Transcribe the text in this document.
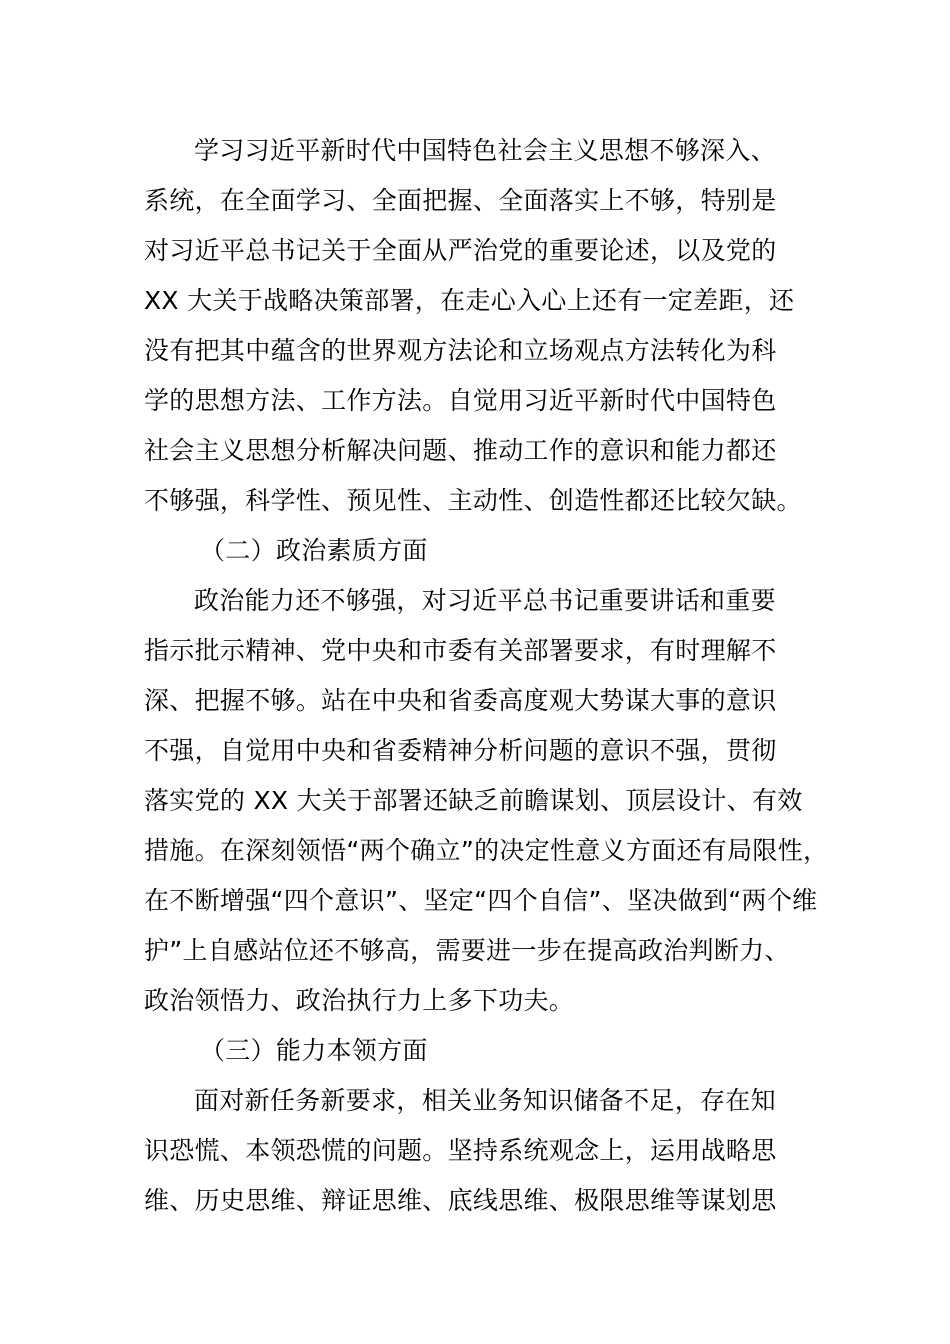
学习习近平新时代中国特色社会主义思想不够深入、
系统，在全面学习、全面把握、全面落实上不够，特别是
对习近平总书记关于全面从严治党的重要论述，以及党的
XX 大关于战略决策部署，在走心入心上还有一定差距，还
没有把其中蕴含的世界观方法论和立场观点方法转化为科
学的思想方法、工作方法。自觉用习近平新时代中国特色
社会主义思想分析解决问题、推动工作的意识和能力都还
不够强，科学性、预见性、主动性、创造性都还比较欠缺。
（二）政治素质方面
政治能力还不够强，对习近平总书记重要讲话和重要
指示批示精神、党中央和市委有关部署要求，有时理解不
深、把握不够。站在中央和省委高度观大势谋大事的意识
不强，自觉用中央和省委精神分析问题的意识不强，贯彻
落实党的 XX 大关于部署还缺乏前瞻谋划、顶层设计、有效
措施。在深刻领悟“两个确立”的决定性意义方面还有局限性，
在不断增强“四个意识”、坚定“四个自信”、坚决做到“两个维
护”上自感站位还不够高，需要进一步在提高政治判断力、
政治领悟力、政治执行力上多下功夫。
（三）能力本领方面
面对新任务新要求，相关业务知识储备不足，存在知
识恐慌、本领恐慌的问题。坚持系统观念上，运用战略思
维、历史思维、辩证思维、底线思维、极限思维等谋划思
